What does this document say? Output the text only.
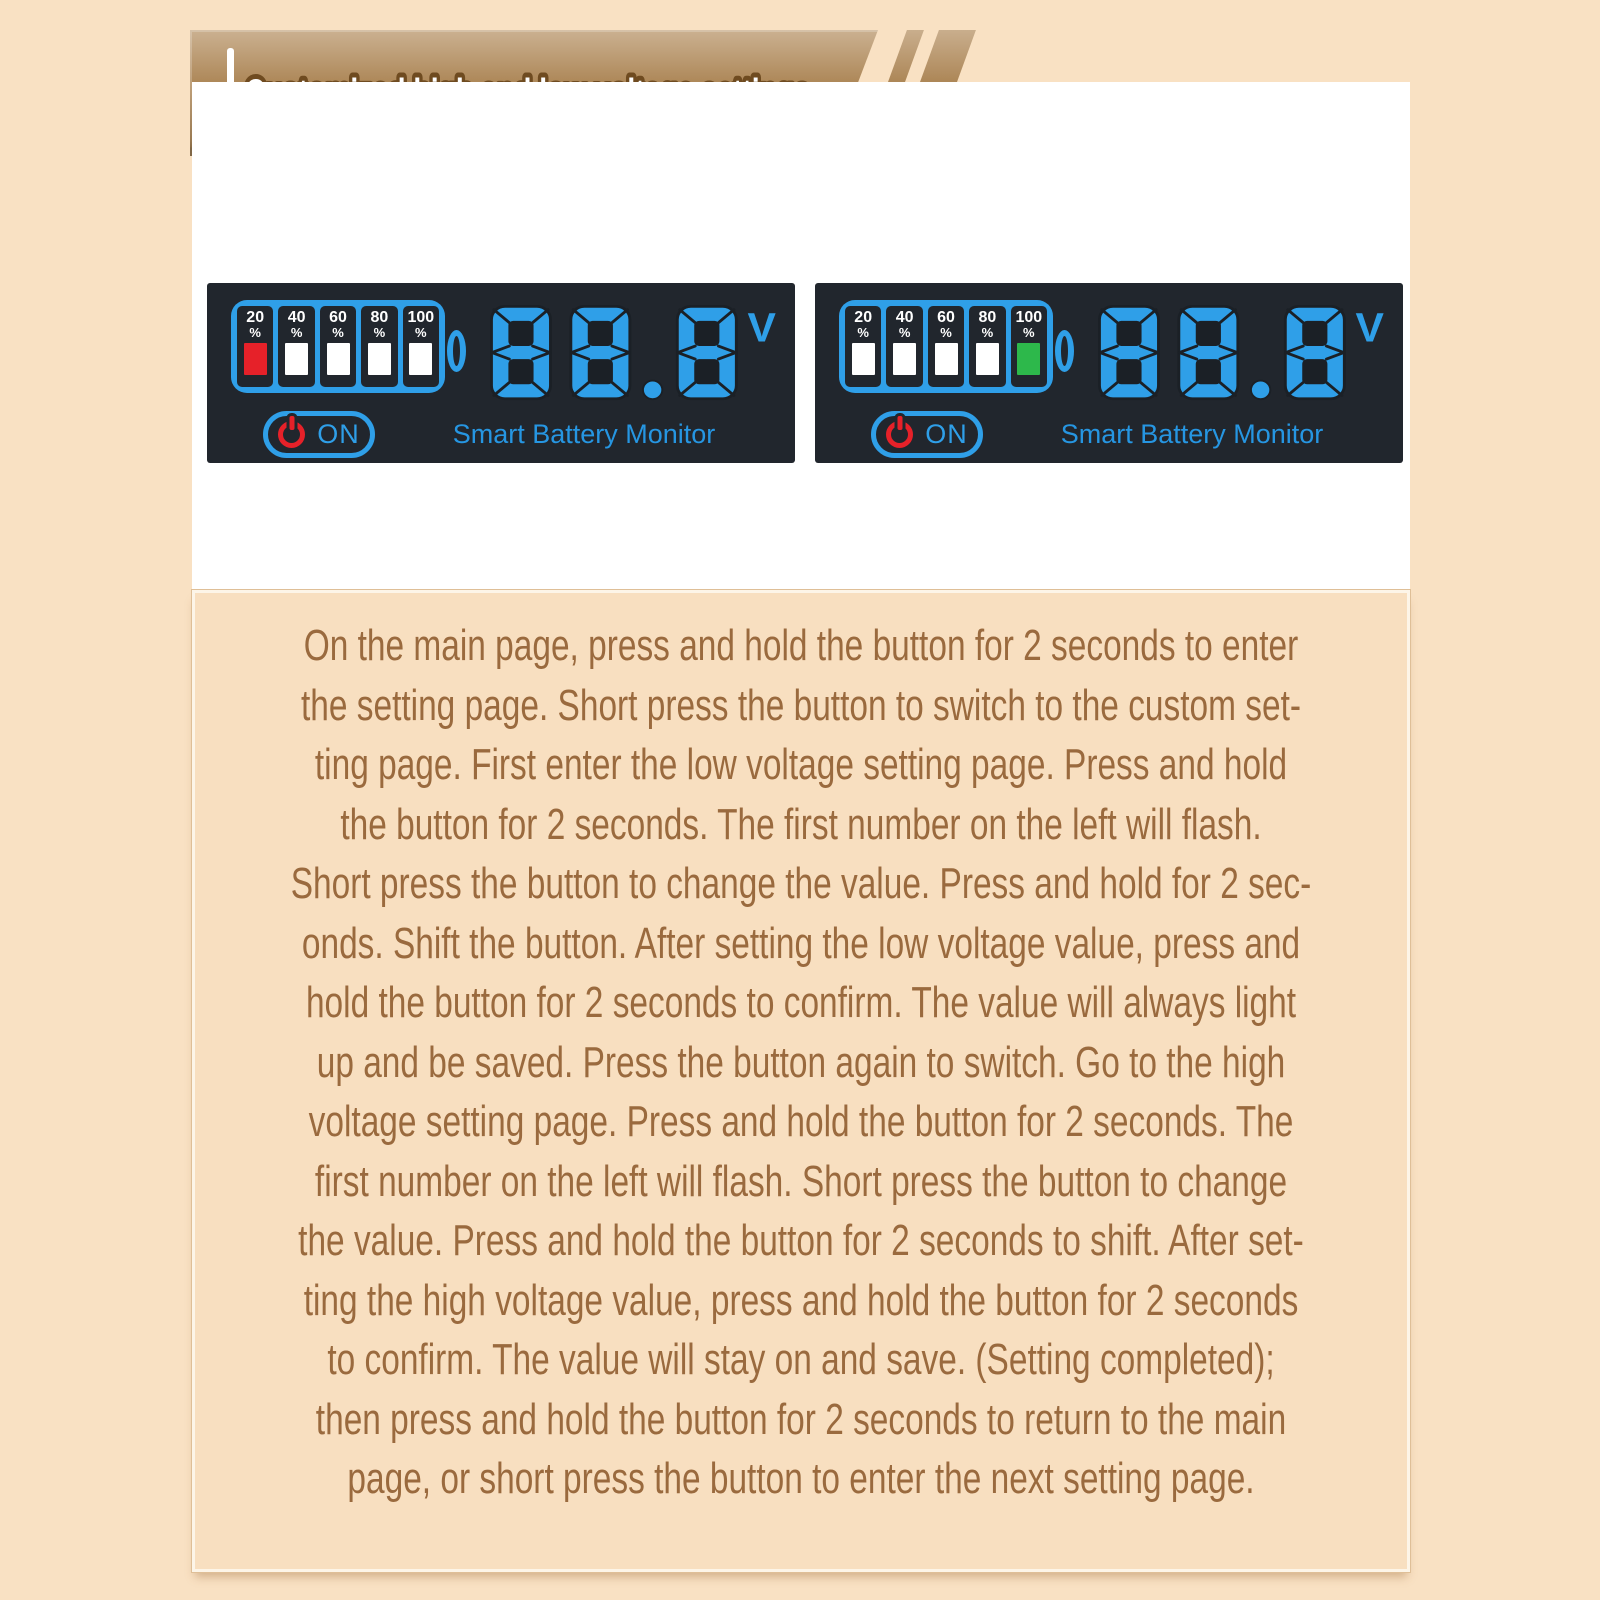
20
%
40
%
60
%
80
%
100
%
ON
V
Smart Battery Monitor
20
%
40
%
60
%
80
%
100
%
ON
V
Smart Battery Monitor
On the main page, press and hold the button for 2 seconds to enter
the setting page. Short press the button to switch to the custom set-
ting page. First enter the low voltage setting page. Press and hold
the button for 2 seconds. The first number on the left will flash.
Short press the button to change the value. Press and hold for 2 sec-
onds. Shift the button. After setting the low voltage value, press and
hold the button for 2 seconds to confirm. The value will always light
up and be saved. Press the button again to switch. Go to the high
voltage setting page. Press and hold the button for 2 seconds. The
first number on the left will flash. Short press the button to change
the value. Press and hold the button for 2 seconds to shift. After set-
ting the high voltage value, press and hold the button for 2 seconds
to confirm. The value will stay on and save. (Setting completed);
then press and hold the button for 2 seconds to return to the main
page, or short press the button to enter the next setting page.
